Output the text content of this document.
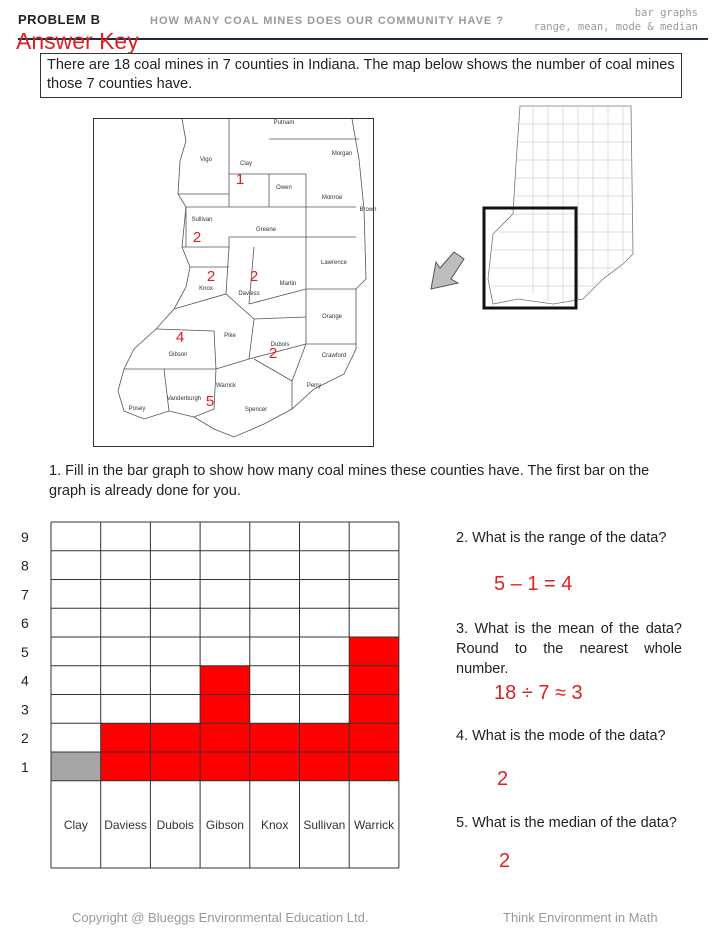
PROBLEM B	HOW MANY COAL MINES DOES OUR COMMUNITY HAVE ?
bar graphs
range, mean, mode & median
Answer Key
There are 18 coal mines in 7 counties in Indiana. The map below shows the number of coal mines those 7 counties have.
Putnam
Vigo
Clay
Owen
Morgan
Monroe
Brown
Sullivan
Greene
Lawrence
Knox
Daviess
Martin
Orange
Pike
Dubois
Gibson	Crawford
Warrick	Perry
Vanderburgh
Posey	Spencer
1
2
2 2
4
2
5
1. Fill in the bar graph to show how many coal mines these counties have. The first bar on the graph is already done for you.
1
2
3
4
5
6
7
8
9
Clay Daviess Dubois Gibson Knox Sullivan Warrick
2. What is the range of the data?
5 – 1 = 4
3. What is the mean of the data? Round to the nearest whole number.
18 ÷ 7 ≈ 3
4. What is the mode of the data?
2
5. What is the median of the data?
2
Copyright @ Blueggs Environmental Education Ltd.	Think Environment in Math
